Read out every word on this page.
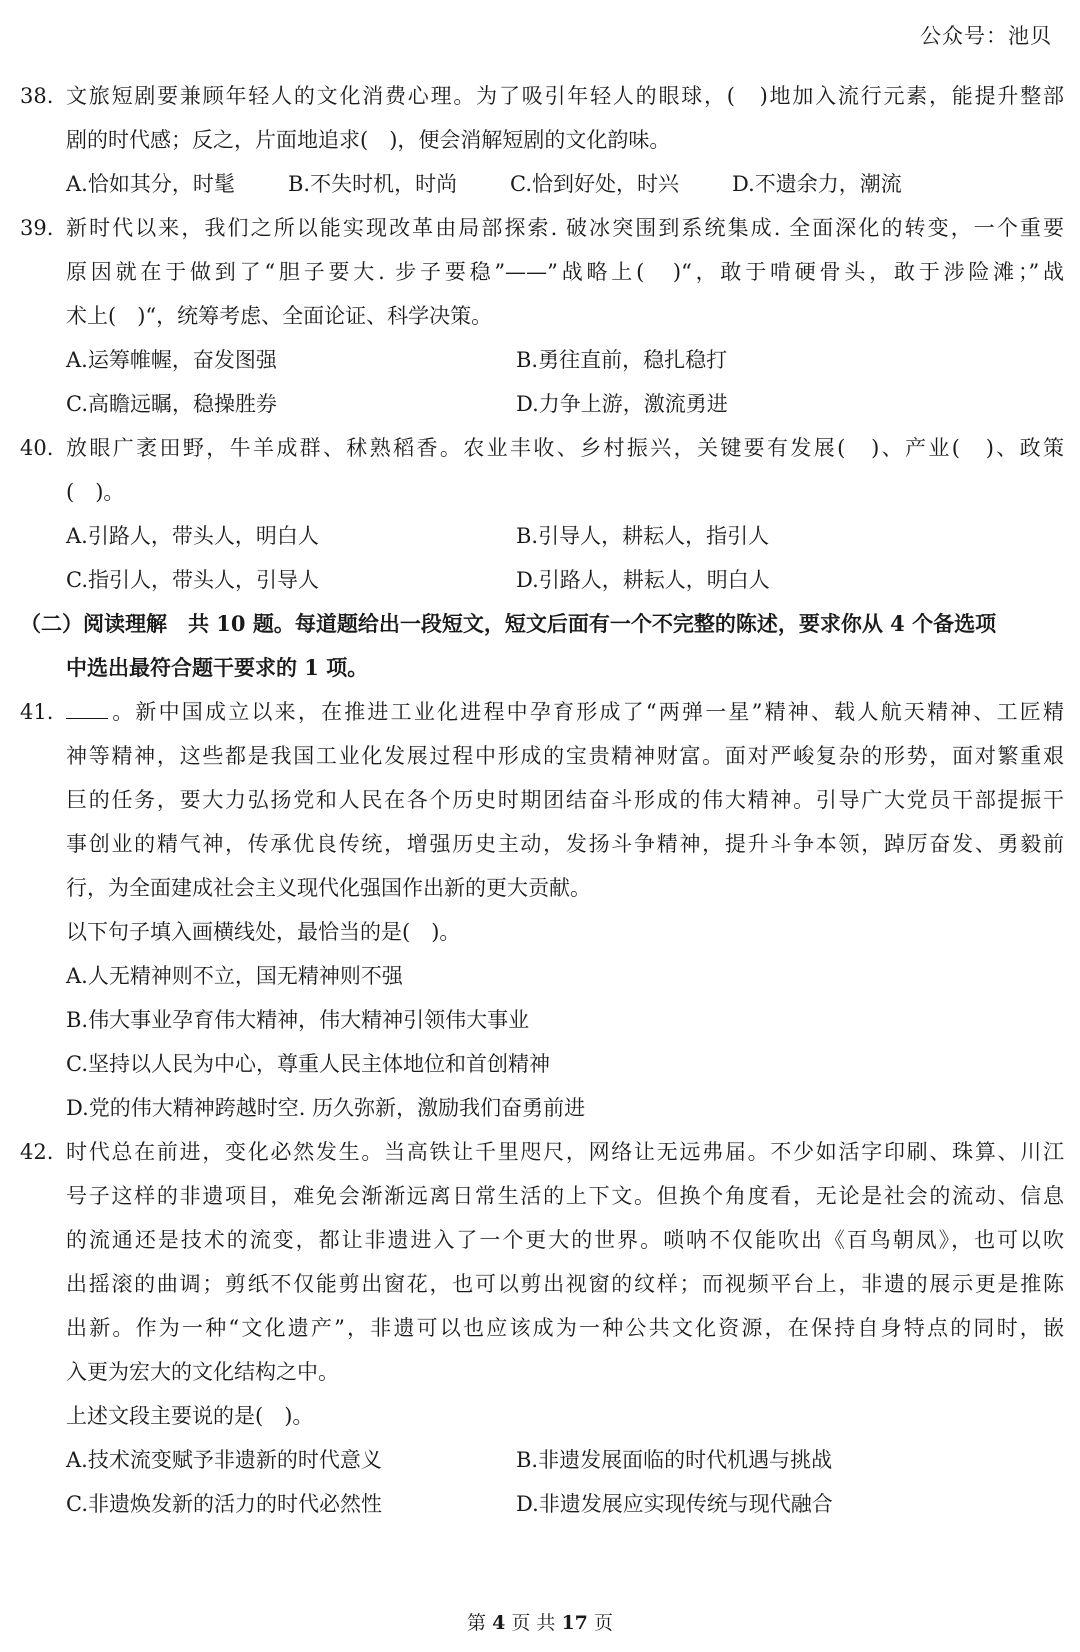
公众号：池贝
38. 文旅短剧要兼顾年轻人的文化消费心理。为了吸引年轻人的眼球，(　)地加入流行元素，能提升整部
剧的时代感；反之，片面地追求(　)，便会消解短剧的文化韵味。
A.恰如其分，时髦	B.不失时机，时尚	C.恰到好处，时兴	D.不遗余力，潮流
39. 新时代以来，我们之所以能实现改革由局部探索. 破冰突围到系统集成. 全面深化的转变，一个重要
原因就在于做到了“胆子要大. 步子要稳”——”战略上(　)“，敢于啃硬骨头，敢于涉险滩；”战
术上(　)“，统筹考虑、全面论证、科学决策。
A.运筹帷幄，奋发图强	B.勇往直前，稳扎稳打
C.高瞻远瞩，稳操胜券	D.力争上游，激流勇进
40. 放眼广袤田野，牛羊成群、秫熟稻香。农业丰收、乡村振兴，关键要有发展(　)、产业(　)、政策
(　)。
A.引路人，带头人，明白人	B.引导人，耕耘人，指引人
C.指引人，带头人，引导人	D.引路人，耕耘人，明白人
（二）阅读理解　共 10 题。每道题给出一段短文，短文后面有一个不完整的陈述，要求你从 4 个备选项
中选出最符合题干要求的 1 项。
41.	。新中国成立以来，在推进工业化进程中孕育形成了“两弹一星”精神、载人航天精神、工匠精
神等精神，这些都是我国工业化发展过程中形成的宝贵精神财富。面对严峻复杂的形势，面对繁重艰
巨的任务，要大力弘扬党和人民在各个历史时期团结奋斗形成的伟大精神。引导广大党员干部提振干
事创业的精气神，传承优良传统，增强历史主动，发扬斗争精神，提升斗争本领，踔厉奋发、勇毅前
行，为全面建成社会主义现代化强国作出新的更大贡献。
以下句子填入画横线处，最恰当的是(　)。
A.人无精神则不立，国无精神则不强
B.伟大事业孕育伟大精神，伟大精神引领伟大事业
C.坚持以人民为中心，尊重人民主体地位和首创精神
D.党的伟大精神跨越时空. 历久弥新，激励我们奋勇前进
42. 时代总在前进，变化必然发生。当高铁让千里咫尺，网络让无远弗届。不少如活字印刷、珠算、川江
号子这样的非遗项目，难免会渐渐远离日常生活的上下文。但换个角度看，无论是社会的流动、信息
的流通还是技术的流变，都让非遗进入了一个更大的世界。唢呐不仅能吹出《百鸟朝凤》，也可以吹
出摇滚的曲调；剪纸不仅能剪出窗花，也可以剪出视窗的纹样；而视频平台上，非遗的展示更是推陈
出新。作为一种“文化遗产”，非遗可以也应该成为一种公共文化资源，在保持自身特点的同时，嵌
入更为宏大的文化结构之中。
上述文段主要说的是(　)。
A.技术流变赋予非遗新的时代意义	B.非遗发展面临的时代机遇与挑战
C.非遗焕发新的活力的时代必然性	D.非遗发展应实现传统与现代融合
第 4 页 共 17 页
